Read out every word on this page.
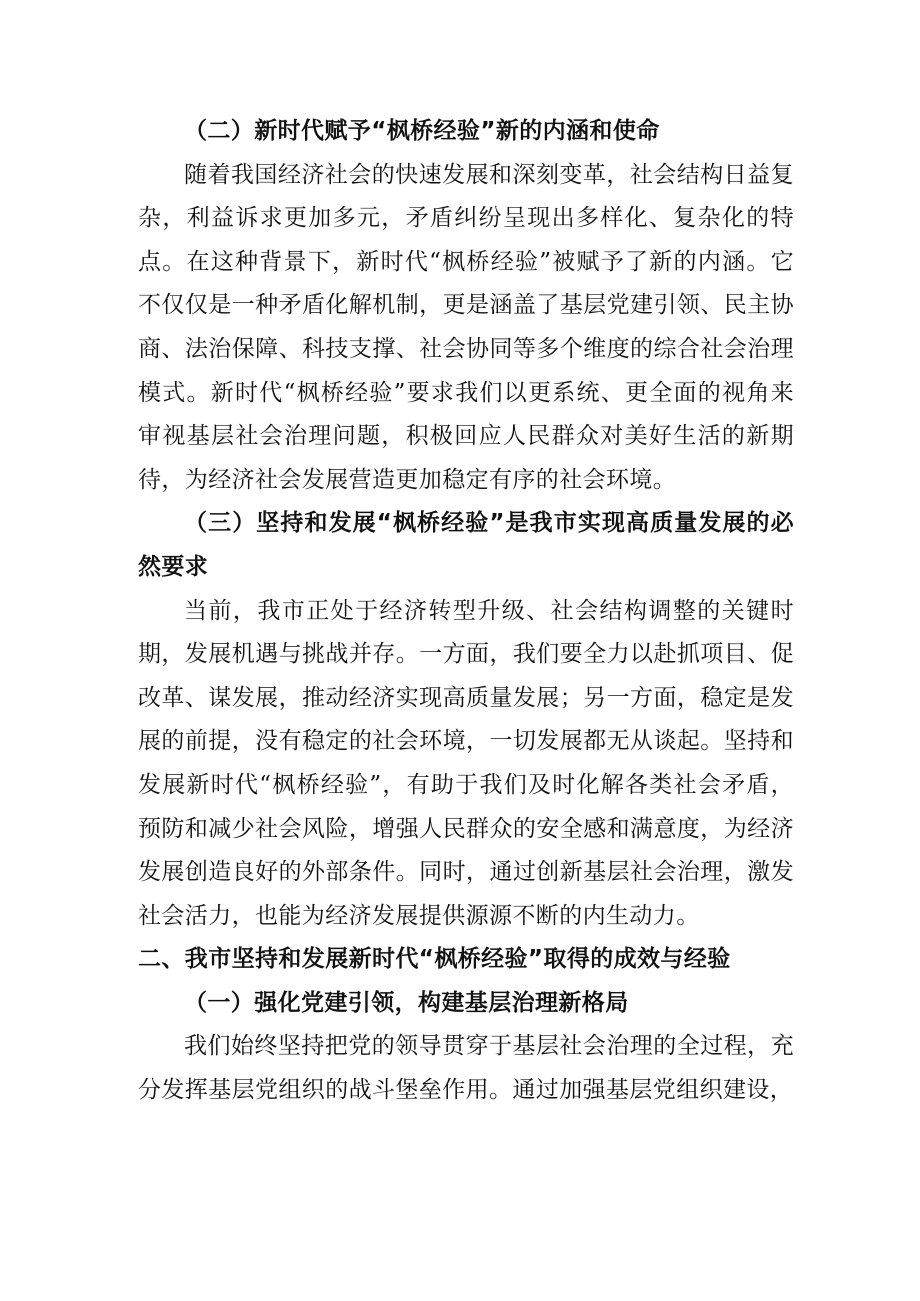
（二）新时代赋予“枫桥经验”新的内涵和使命

随着我国经济社会的快速发展和深刻变革，社会结构日益复杂，利益诉求更加多元，矛盾纠纷呈现出多样化、复杂化的特点。在这种背景下，新时代“枫桥经验”被赋予了新的内涵。它不仅仅是一种矛盾化解机制，更是涵盖了基层党建引领、民主协商、法治保障、科技支撑、社会协同等多个维度的综合社会治理模式。新时代“枫桥经验”要求我们以更系统、更全面的视角来审视基层社会治理问题，积极回应人民群众对美好生活的新期待，为经济社会发展营造更加稳定有序的社会环境。

（三）坚持和发展“枫桥经验”是我市实现高质量发展的必然要求

当前，我市正处于经济转型升级、社会结构调整的关键时期，发展机遇与挑战并存。一方面，我们要全力以赴抓项目、促改革、谋发展，推动经济实现高质量发展；另一方面，稳定是发展的前提，没有稳定的社会环境，一切发展都无从谈起。坚持和发展新时代“枫桥经验”，有助于我们及时化解各类社会矛盾，预防和减少社会风险，增强人民群众的安全感和满意度，为经济发展创造良好的外部条件。同时，通过创新基层社会治理，激发社会活力，也能为经济发展提供源源不断的内生动力。

二、我市坚持和发展新时代“枫桥经验”取得的成效与经验

（一）强化党建引领，构建基层治理新格局

我们始终坚持把党的领导贯穿于基层社会治理的全过程，充分发挥基层党组织的战斗堡垒作用。通过加强基层党组织建设，
